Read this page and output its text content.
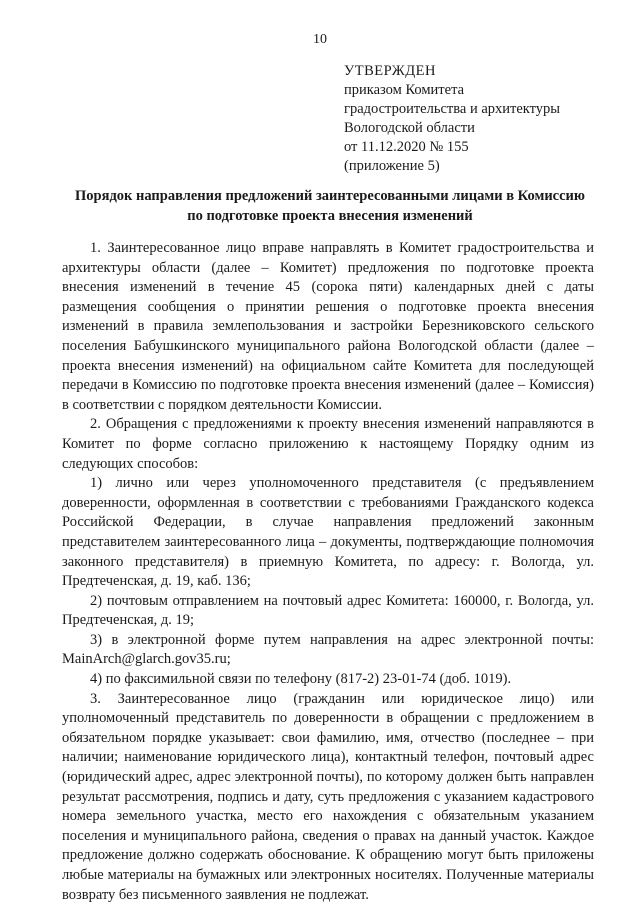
10
УТВЕРЖДЕН
приказом Комитета
градостроительства и архитектуры
Вологодской области
от 11.12.2020 № 155
(приложение 5)
Порядок направления предложений заинтересованными лицами в Комиссию
по подготовке проекта внесения изменений

1. Заинтересованное лицо вправе направлять в Комитет градостроительства и архитектуры области (далее – Комитет) предложения по подготовке проекта внесения изменений в течение 45 (сорока пяти) календарных дней с даты размещения сообщения о принятии решения о подготовке проекта внесения изменений в правила землепользования и застройки Березниковского сельского поселения Бабушкинского муниципального района Вологодской области (далее – проекта внесения изменений) на официальном сайте Комитета для последующей передачи в Комиссию по подготовке проекта внесения изменений (далее – Комиссия) в соответствии с порядком деятельности Комиссии.

2. Обращения с предложениями к проекту внесения изменений направляются в Комитет по форме согласно приложению к настоящему Порядку одним из следующих способов:

1) лично или через уполномоченного представителя (с предъявлением доверенности, оформленная в соответствии с требованиями Гражданского кодекса Российской Федерации, в случае направления предложений законным представителем заинтересованного лица – документы, подтверждающие полномочия законного представителя) в приемную Комитета, по адресу: г. Вологда, ул. Предтеченская, д. 19, каб. 136;

2) почтовым отправлением на почтовый адрес Комитета: 160000, г. Вологда, ул. Предтеченская, д. 19;

3) в электронной форме путем направления на адрес электронной почты: MainArch@glarch.gov35.ru;

4) по факсимильной связи по телефону (817-2) 23-01-74 (доб. 1019).

3. Заинтересованное лицо (гражданин или юридическое лицо) или уполномоченный представитель по доверенности в обращении с предложением в обязательном порядке указывает: свои фамилию, имя, отчество (последнее – при наличии; наименование юридического лица), контактный телефон, почтовый адрес (юридический адрес, адрес электронной почты), по которому должен быть направлен результат рассмотрения, подпись и дату, суть предложения с указанием кадастрового номера земельного участка, место его нахождения с обязательным указанием поселения и муниципального района, сведения о правах на данный участок. Каждое предложение должно содержать обоснование. К обращению могут быть приложены любые материалы на бумажных или электронных носителях. Полученные материалы возврату без письменного заявления не подлежат.
